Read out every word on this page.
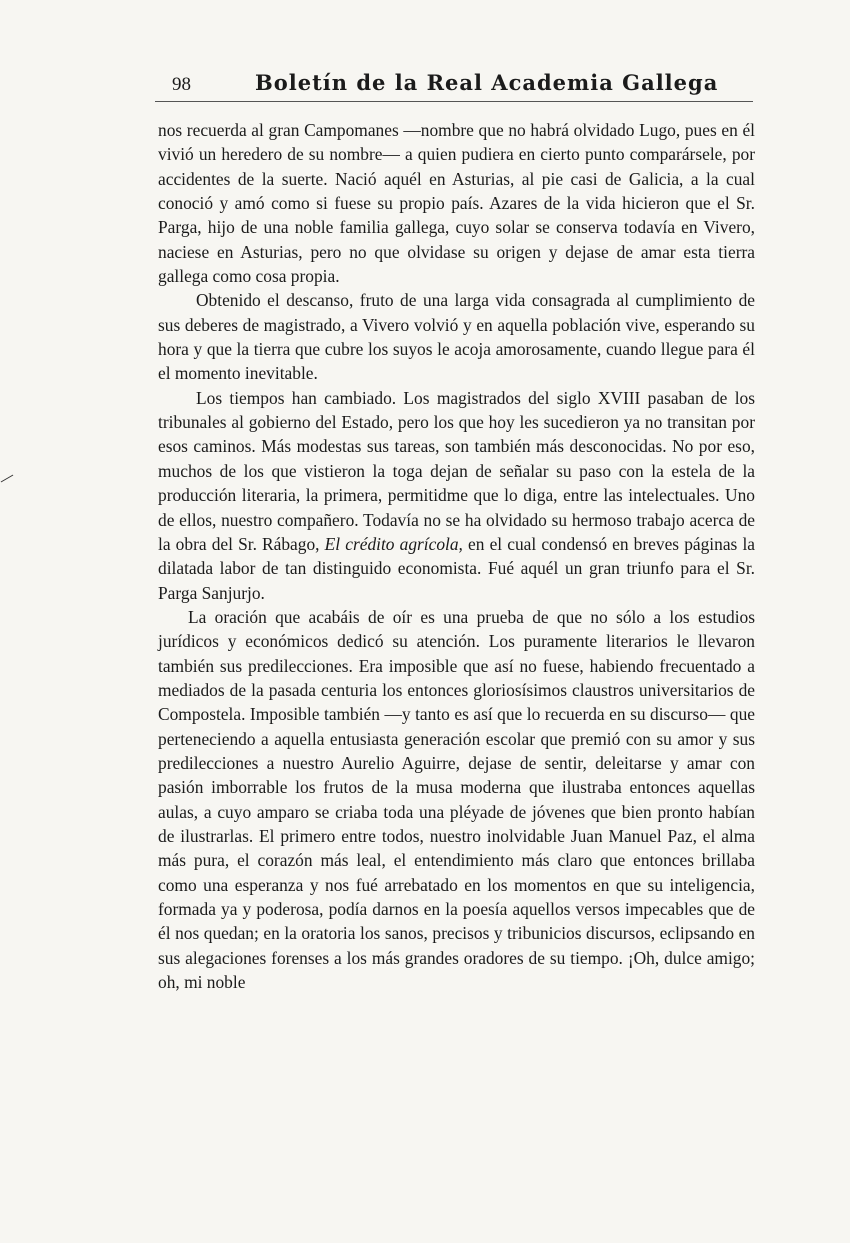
98	Boletín de la Real Academia Gallega

nos recuerda al gran Campomanes —nombre que no habrá olvidado Lugo, pues en él vivió un heredero de su nombre— a quien pudiera en cierto punto comparársele, por accidentes de la suerte. Nació aquél en Asturias, al pie casi de Galicia, a la cual conoció y amó como si fuese su propio país. Azares de la vida hicieron que el Sr. Parga, hijo de una noble familia gallega, cuyo solar se conserva todavía en Vivero, naciese en Asturias, pero no que olvidase su origen y dejase de amar esta tierra gallega como cosa propia.

Obtenido el descanso, fruto de una larga vida consagrada al cumplimiento de sus deberes de magistrado, a Vivero volvió y en aquella población vive, esperando su hora y que la tierra que cubre los suyos le acoja amorosamente, cuando llegue para él el momento inevitable.

Los tiempos han cambiado. Los magistrados del siglo XVIII pasaban de los tribunales al gobierno del Estado, pero los que hoy les sucedieron ya no transitan por esos caminos. Más modestas sus tareas, son también más desconocidas. No por eso, muchos de los que vistieron la toga dejan de señalar su paso con la estela de la producción literaria, la primera, permitidme que lo diga, entre las intelectuales. Uno de ellos, nuestro compañero. Todavía no se ha olvidado su hermoso trabajo acerca de la obra del Sr. Rábago, El crédito agrícola, en el cual condensó en breves páginas la dilatada labor de tan distinguido economista. Fué aquél un gran triunfo para el Sr. Parga Sanjurjo.

La oración que acabáis de oír es una prueba de que no sólo a los estudios jurídicos y económicos dedicó su atención. Los puramente literarios le llevaron también sus predilecciones. Era imposible que así no fuese, habiendo frecuentado a mediados de la pasada centuria los entonces gloriosísimos claustros universitarios de Compostela. Imposible también —y tanto es así que lo recuerda en su discurso— que perteneciendo a aquella entusiasta generación escolar que premió con su amor y sus predilecciones a nuestro Aurelio Aguirre, dejase de sentir, deleitarse y amar con pasión imborrable los frutos de la musa moderna que ilustraba entonces aquellas aulas, a cuyo amparo se criaba toda una pléyade de jóvenes que bien pronto habían de ilustrarlas. El primero entre todos, nuestro inolvidable Juan Manuel Paz, el alma más pura, el corazón más leal, el entendimiento más claro que entonces brillaba como una esperanza y nos fué arrebatado en los momentos en que su inteligencia, formada ya y poderosa, podía darnos en la poesía aquellos versos impecables que de él nos quedan; en la oratoria los sanos, precisos y tribunicios discursos, eclipsando en sus alegaciones forenses a los más grandes oradores de su tiempo. ¡Oh, dulce amigo; oh, mi noble
